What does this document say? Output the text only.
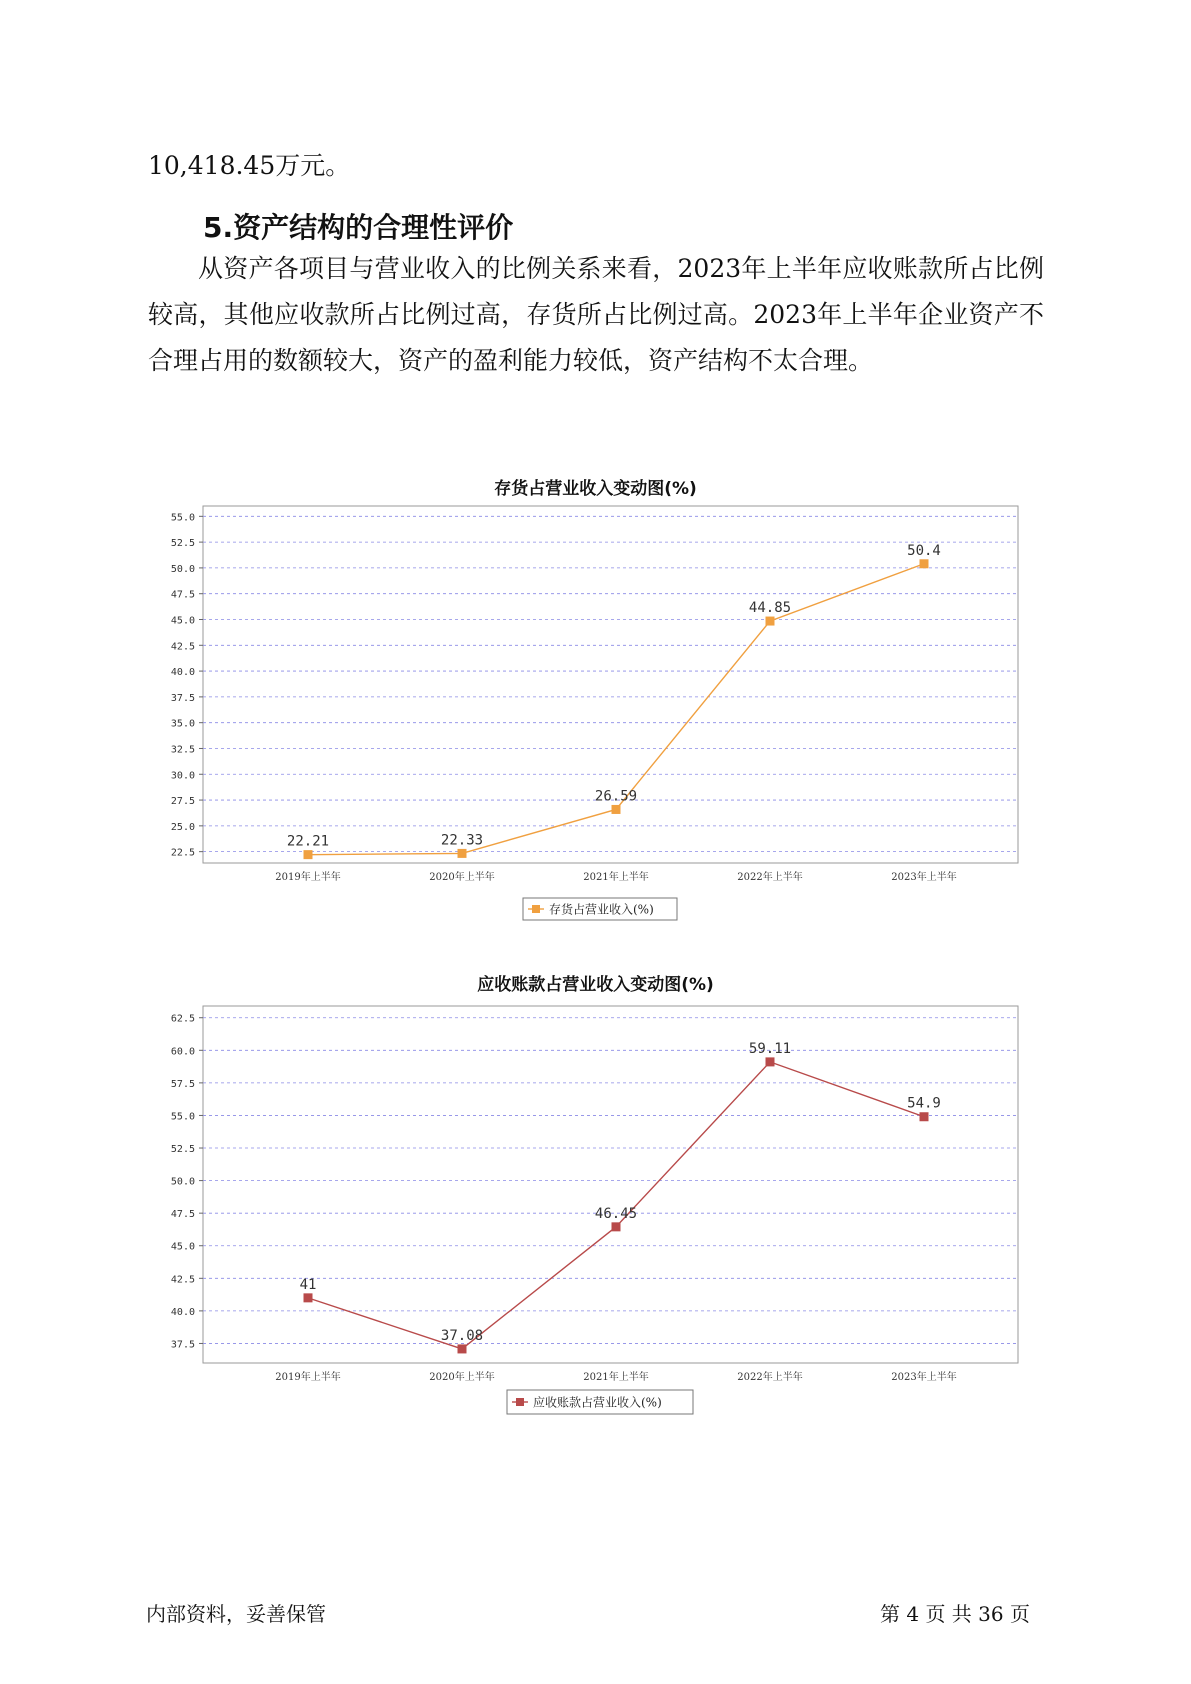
10,418.45万元。

5.资产结构的合理性评价

从资产各项目与营业收入的比例关系来看，2023年上半年应收账款所占比例较高，其他应收款所占比例过高，存货所占比例过高。2023年上半年企业资产不合理占用的数额较大，资产的盈利能力较低，资产结构不太合理。

存货占营业收入变动图(%)
22.5
25.0
27.5
30.0
32.5
35.0
37.5
40.0
42.5
45.0
47.5
50.0
52.5
55.0
22.21
2019年上半年
22.33
2020年上半年
26.59
2021年上半年
44.85
2022年上半年
50.4
2023年上半年
存货占营业收入(%)
应收账款占营业收入变动图(%)
37.5
40.0
42.5
45.0
47.5
50.0
52.5
55.0
57.5
60.0
62.5
41
2019年上半年
37.08
2020年上半年
46.45
2021年上半年
59.11
2022年上半年
54.9
2023年上半年
应收账款占营业收入(%)
内部资料，妥善保管	第 4 页 共 36 页
